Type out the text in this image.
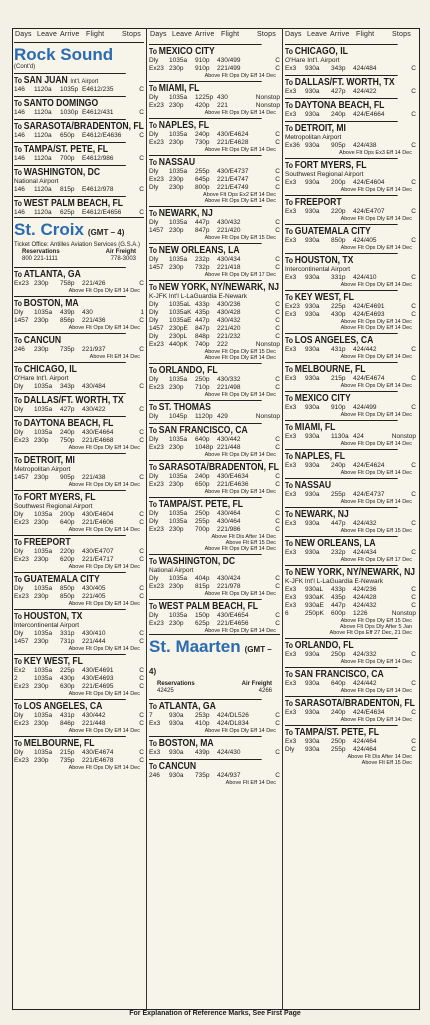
Days Leave Arrive Flight	Stops Days Leave Arrive Flight	Stops Days Leave Arrive Flight	Stops
Rock Sound
(Cont'd)
To SAN JUAN Int'l. Airport
146	1120a	1035p E4612/235	C
To SANTO DOMINGO
146	1120a	1030p E4612/431	C
To SARASOTA/BRADENTON, FL
146	1120a	650p	E4612/E4636	C
To TAMPA/ST. PETE, FL
146	1120a	700p	E4612/986	C
To WASHINGTON, DC
National Airport
146	1120a	815p	E4612/978	C
To WEST PALM BEACH, FL
146	1120a	625p	E4612/E4656	C
St. Croix (GMT – 4)
Ticket Office: Antilles Aviation Services (G.S.A.)
Reservations	Air Freight
800 221-1111	778-3003
To ATLANTA, GA
Ex23 230p	758p	221/426	C
Above Flt Ops Dly Eff 14 Dec
To BOSTON, MA
Dly	1035a	439p	430	1
1457 230p	856p	221/436	C
Above Flt Ops Dly Eff 14 Dec
To CANCUN
246	230p	735p	221/937	C
Above Flt Eff 14 Dec
To CHICAGO, IL
O'Hare Int'l. Airport
Dly	1035a	343p	430/484	C
To DALLAS/FT. WORTH, TX
Dly	1035a	427p	430/422	C
To DAYTONA BEACH, FL
Dly	1035a	240p	430/E4664	C
Ex23 230p	750p	221/E4668	C
Above Flt Ops Dly Eff 14 Dec
To DETROIT, MI
Metropolitan Airport
1457 230p	905p	221/438	C
Above Flt Ops Dly Eff 14 Dec
To FORT MYERS, FL
Southwest Regional Airport
Dly	1035a	200p	430/E4604	C
Ex23 230p	640p	221/E4606	C
Above Flt Ops Dly Eff 14 Dec
To FREEPORT
Dly	1035a	220p	430/E4707	C
Ex23 230p	620p	221/E4717	C
Above Flt Ops Dly Eff 14 Dec
To GUATEMALA CITY
Dly	1035a	850p	430/405	C
Ex23 230p	850p	221/405	C
Above Flt Ops Dly Eff 14 Dec
To HOUSTON, TX
Intercontinental Airport
Dly	1035a	331p	430/410	C
1457 230p	731p	221/444	C
Above Flt Ops Dly Eff 14 Dec
To KEY WEST, FL
Ex2	1035a	225p	430/E4691	C
2	1035a	430p	430/E4693	C
Ex23 230p	630p	221/E4695	C
Above Flt Ops Dly Eff 14 Dec
To LOS ANGELES, CA
Dly	1035a	431p	430/442	C
Ex23 230p	846p	221/448	C
Above Flt Ops Dly Eff 14 Dec
To MELBOURNE, FL
Dly	1035a	215p	430/E4674	C
Ex23 230p	735p	221/E4678	C
Above Flt Ops Dly Eff 14 Dec
To MEXICO CITY
Dly	1035a	910p	430/499	C
Ex23 230p	910p	221/499	C
Above Flt Ops Dly Eff 14 Dec
To MIAMI, FL
Dly	1035a	1225p 430	Nonstop
Ex23 230p	420p	221	Nonstop
Above Flt Ops Dly Eff 14 Dec
To NAPLES, FL
Dly	1035a	240p	430/E4624	C
Ex23 230p	730p	221/E4628	C
Above Flt Ops Dly Eff 14 Dec
To NASSAU
Dly	1035a	255p	430/E4737	C
Ex23 230p	645p	221/E4747	C
Dly	230p	800p	221/E4749	C
Above Flt Ops Ex2 Eff 14 Dec
Above Flt Ops Dly Eff 14 Dec
To NEWARK, NJ
Dly	1035a	447p	430/432	C
1457 230p	847p	221/420	C
Above Flt Ops Dly Eff 15 Dec
To NEW ORLEANS, LA
Dly	1035a	232p	430/434	C
1457 230p	732p	221/418	C
Above Flt Ops Dly Eff 17 Dec
To NEW YORK, NY/NEWARK, NJ
K-JFK Int'l L-LaGuardia E-Newark
Dly	1035aL 433p	430/236	C
Dly	1035aK 435p	430/428	C
Dly	1035aE 447p	430/432	C
1457 230pE	847p	221/420	C
Dly	230pL	848p	221/232	C
Ex23 440pK	740p	222	Nonstop
Above Flt Ops Dly Eff 15 Dec
Above Flt Ops Dly Eff 14 Dec
To ORLANDO, FL
Dly	1035a	250p	430/332	C
Ex23 230p	710p	221/498	C
Above Flt Ops Dly Eff 14 Dec
To ST. THOMAS
Dly	1045p	1120p 429	Nonstop
To SAN FRANCISCO, CA
Dly	1035a	640p	430/442	C
Ex23 230p	1048p 221/448	C
Above Flt Ops Dly Eff 14 Dec
To SARASOTA/BRADENTON, FL
Dly	1035a	240p	430/E4634	C
Ex23 230p	650p	221/E4636	C
Above Flt Ops Dly Eff 14 Dec
To TAMPA/ST. PETE, FL
Dly	1035a	250p	430/464	C
Dly	1035a	255p	430/464	C
Ex23 230p	700p	221/986	C
Above Flt Dis After 14 Dec
Above Flt Eff 15 Dec
Above Flt Ops Dly Eff 14 Dec
To WASHINGTON, DC
National Airport
Dly	1035a	404p	430/424	C
Ex23 230p	815p	221/978	C
Above Flt Ops Dly Eff 14 Dec
To WEST PALM BEACH, FL
Dly	1035a	150p	430/E4654	C
Ex23 230p	625p	221/E4656	C
Above Flt Ops Dly Eff 14 Dec
St. Maarten (GMT – 4)
Reservations	Air Freight
42425	4266
To ATLANTA, GA
7	930a	253p	424/DL526	C
Ex3	930a	410p	424/DL834	C
Above Flt Ops Dly Eff 14 Dec
To BOSTON, MA
Ex3	930a	439p	424/430	C
To CANCUN
246	930a	735p	424/937	C
Above Flt Eff 14 Dec
To CHICAGO, IL
O'Hare Int'l. Airport
Ex3	930a	343p	424/484	C
To DALLAS/FT. WORTH, TX
Ex3	930a	427p	424/422	C
To DAYTONA BEACH, FL
Ex3	930a	240p	424/E4664	C
To DETROIT, MI
Metropolitan Airport
Ex36 930a	905p	424/438	C
Above Flt Ops Ex3 Eff 14 Dec
To FORT MYERS, FL
Southwest Regional Airport
Ex3	930a	200p	424/E4604	C
Above Flt Ops Dly Eff 14 Dec
To FREEPORT
Ex3	930a	220p	424/E4707	C
Above Flt Ops Dly Eff 14 Dec
To GUATEMALA CITY
Ex3	930a	850p	424/405	C
Above Flt Ops Dly Eff 14 Dec
To HOUSTON, TX
Intercontinental Airport
Ex3	930a	331p	424/410	C
Above Flt Ops Dly Eff 14 Dec
To KEY WEST, FL
Ex23 930a	225p	424/E4691	C
Ex3	930a	430p	424/E4693	C
Above Flt Ops Dly Eff 14 Dec
Above Flt Ops Dly Eff 14 Dec
To LOS ANGELES, CA
Ex3	930a	431p	424/442	C
Above Flt Ops Dly Eff 14 Dec
To MELBOURNE, FL
Ex3	930a	215p	424/E4674	C
Above Flt Ops Dly Eff 14 Dec
To MEXICO CITY
Ex3	930a	910p	424/499	C
Above Flt Ops Dly Eff 14 Dec
To MIAMI, FL
Ex3	930a	1130a 424	Nonstop
Above Flt Ops Dly Eff 14 Dec
To NAPLES, FL
Ex3	930a	240p	424/E4624	C
Above Flt Ops Dly Eff 14 Dec
To NASSAU
Ex3	930a	255p	424/E4737	C
Above Flt Ops Dly Eff 14 Dec
To NEWARK, NJ
Ex3	930a	447p	424/432	C
Above Flt Ops Dly Eff 15 Dec
To NEW ORLEANS, LA
Ex3	930a	232p	424/434	C
Above Flt Ops Dly Eff 17 Dec
To NEW YORK, NY/NEWARK, NJ
K-JFK Int'l L-LaGuardia E-Newark
Ex3	930aL	433p	424/236	C
Ex3	930aK	435p	424/428	C
Ex3	930aE	447p	424/432	C
6	250pK	600p	1226	Nonstop
Above Flt Ops Dly Eff 15 Dec
Above Flt Ops Dly After 5 Jan
Above Flt Ops Eff 27 Dec, 21 Dec
To ORLANDO, FL
Ex3	930a	250p	424/332	C
Above Flt Ops Dly Eff 14 Dec
To SAN FRANCISCO, CA
Ex3	930a	640p	424/442	C
Above Flt Ops Dly Eff 14 Dec
To SARASOTA/BRADENTON, FL
Ex3	930a	240p	424/E4634	C
Above Flt Ops Dly Eff 14 Dec
To TAMPA/ST. PETE, FL
Ex3	930a	250p	424/464	C
Dly	930a	255p	424/464	C
Above Flt Dis After 14 Dec
Above Flt Eff 15 Dec
For Explanation of Reference Marks, See First Page
